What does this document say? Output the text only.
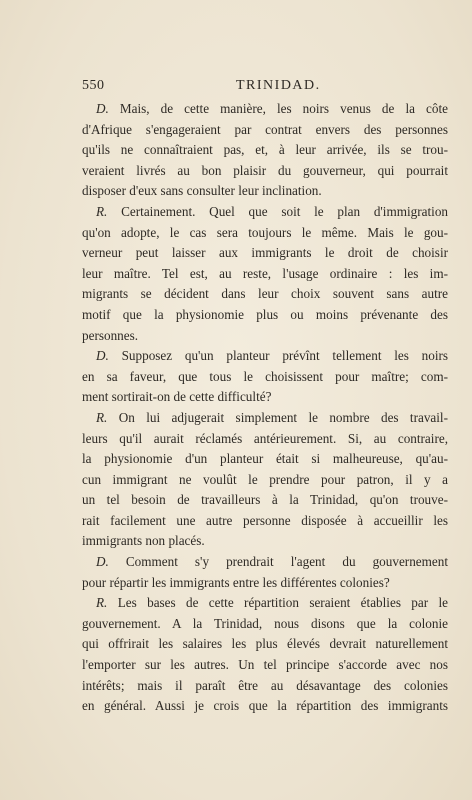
550	TRINIDAD.
D. Mais, de cette manière, les noirs venus de la côte
d'Afrique s'engageraient par contrat envers des personnes
qu'ils ne connaîtraient pas, et, à leur arrivée, ils se trou-
veraient livrés au bon plaisir du gouverneur, qui pourrait
disposer d'eux sans consulter leur inclination.
R. Certainement. Quel que soit le plan d'immigration
qu'on adopte, le cas sera toujours le même. Mais le gou-
verneur peut laisser aux immigrants le droit de choisir
leur maître. Tel est, au reste, l'usage ordinaire : les im-
migrants se décident dans leur choix souvent sans autre
motif que la physionomie plus ou moins prévenante des
personnes.
D. Supposez qu'un planteur prévînt tellement les noirs
en sa faveur, que tous le choisissent pour maître; com-
ment sortirait-on de cette difficulté?
R. On lui adjugerait simplement le nombre des travail-
leurs qu'il aurait réclamés antérieurement. Si, au contraire,
la physionomie d'un planteur était si malheureuse, qu'au-
cun immigrant ne voulût le prendre pour patron, il y a
un tel besoin de travailleurs à la Trinidad, qu'on trouve-
rait facilement une autre personne disposée à accueillir les
immigrants non placés.
D. Comment s'y prendrait l'agent du gouvernement
pour répartir les immigrants entre les différentes colonies?
R. Les bases de cette répartition seraient établies par le
gouvernement. A la Trinidad, nous disons que la colonie
qui offrirait les salaires les plus élevés devrait naturellement
l'emporter sur les autres. Un tel principe s'accorde avec nos
intérêts; mais il paraît être au désavantage des colonies
en général. Aussi je crois que la répartition des immigrants
